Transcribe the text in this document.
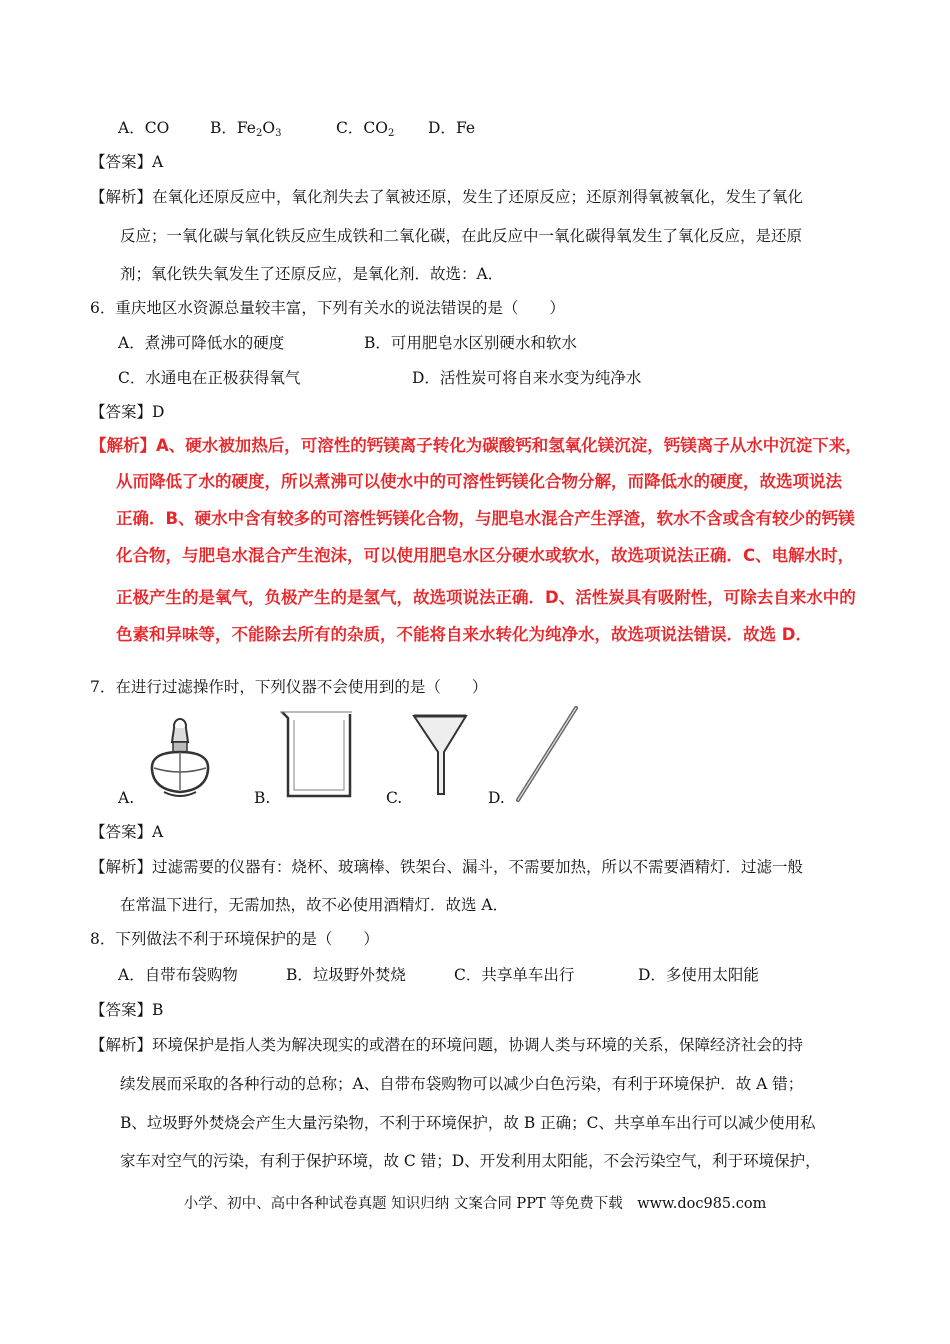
A．CO	B．Fe2O3	C．CO2 D．Fe
【答案】A
【解析】在氧化还原反应中，氧化剂失去了氧被还原，发生了还原反应；还原剂得氧被氧化，发生了氧化
反应；一氧化碳与氧化铁反应生成铁和二氧化碳，在此反应中一氧化碳得氧发生了氧化反应，是还原
剂；氧化铁失氧发生了还原反应，是氧化剂．故选：A．
6．重庆地区水资源总量较丰富，下列有关水的说法错误的是（　　）
A．煮沸可降低水的硬度	B．可用肥皂水区别硬水和软水
C．水通电在正极获得氧气	D．活性炭可将自来水变为纯净水
【答案】D
【解析】A、硬水被加热后，可溶性的钙镁离子转化为碳酸钙和氢氧化镁沉淀，钙镁离子从水中沉淀下来，
从而降低了水的硬度，所以煮沸可以使水中的可溶性钙镁化合物分解，而降低水的硬度，故选项说法
正确．B、硬水中含有较多的可溶性钙镁化合物，与肥皂水混合产生浮渣，软水不含或含有较少的钙镁
化合物，与肥皂水混合产生泡沫，可以使用肥皂水区分硬水或软水，故选项说法正确．C、电解水时，
正极产生的是氧气，负极产生的是氢气，故选项说法正确．D、活性炭具有吸附性，可除去自来水中的
色素和异味等，不能除去所有的杂质，不能将自来水转化为纯净水，故选项说法错误．故选 D．
7．在进行过滤操作时，下列仪器不会使用到的是（　　）
A.	B.	C.	D.
【答案】A
【解析】过滤需要的仪器有：烧杯、玻璃棒、铁架台、漏斗，不需要加热，所以不需要酒精灯．过滤一般
在常温下进行，无需加热，故不必使用酒精灯．故选 A．
8．下列做法不利于环境保护的是（　　）
A．自带布袋购物	B．垃圾野外焚烧	C．共享单车出行	D．多使用太阳能
【答案】B
【解析】环境保护是指人类为解决现实的或潜在的环境问题，协调人类与环境的关系，保障经济社会的持
续发展而采取的各种行动的总称；A、自带布袋购物可以减少白色污染，有利于环境保护．故 A 错；
B、垃圾野外焚烧会产生大量污染物，不利于环境保护，故 B 正确；C、共享单车出行可以减少使用私
家车对空气的污染，有利于保护环境，故 C 错；D、开发利用太阳能，不会污染空气，利于环境保护，
小学、初中、高中各种试卷真题 知识归纳 文案合同 PPT 等免费下载　www.doc985.com
